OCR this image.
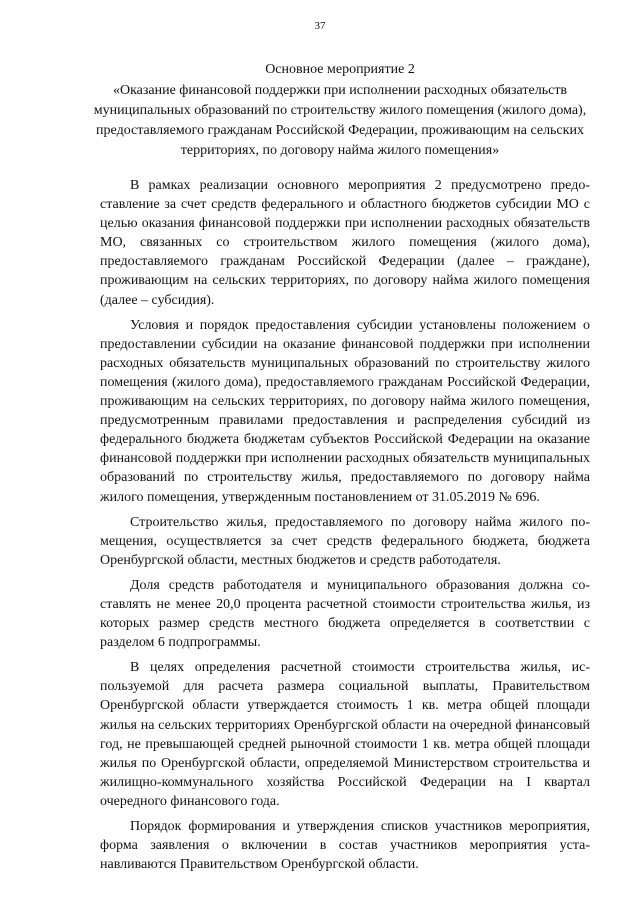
37

Основное мероприятие 2

«Оказание финансовой поддержки при исполнении расходных обязательств муниципальных образований по строительству жилого помещения (жилого дома), предоставляемого гражданам Российской Федерации, проживающим на сельских территориях, по договору найма жилого помещения»

В рамках реализации основного мероприятия 2 предусмотрено предоставление за счет средств федерального и областного бюджетов субсидии МО с целью оказания финансовой поддержки при исполнении расходных обязательств МО, связанных со строительством жилого помещения (жилого дома), предоставляемого гражданам Российской Федерации (далее – граждане), проживающим на сельских территориях, по договору найма жилого помещения (далее – субсидия).

Условия и порядок предоставления субсидии установлены положением о предоставлении субсидии на оказание финансовой поддержки при исполнении расходных обязательств муниципальных образований по строительству жилого помещения (жилого дома), предоставляемого гражданам Российской Федерации, проживающим на сельских территориях, по договору найма жилого помещения, предусмотренным правилами предоставления и распределения субсидий из федерального бюджета бюджетам субъектов Российской Федерации на оказание финансовой поддержки при исполнении расходных обязательств муниципальных образований по строительству жилья, предоставляемого по договору найма жилого помещения, утвержденным постановлением от 31.05.2019 № 696.

Строительство жилья, предоставляемого по договору найма жилого помещения, осуществляется за счет средств федерального бюджета, бюджета Оренбургской области, местных бюджетов и средств работодателя.

Доля средств работодателя и муниципального образования должна составлять не менее 20,0 процента расчетной стоимости строительства жилья, из которых размер средств местного бюджета определяется в соответствии с разделом 6 подпрограммы.

В целях определения расчетной стоимости строительства жилья, используемой для расчета размера социальной выплаты, Правительством Оренбургской области утверждается стоимость 1 кв. метра общей площади жилья на сельских территориях Оренбургской области на очередной финансовый год, не превышающей средней рыночной стоимости 1 кв. метра общей площади жилья по Оренбургской области, определяемой Министерством строительства и жилищно-коммунального хозяйства Российской Федерации на I квартал очередного финансового года.

Порядок формирования и утверждения списков участников мероприятия, форма заявления о включении в состав участников мероприятия устанавливаются Правительством Оренбургской области.
